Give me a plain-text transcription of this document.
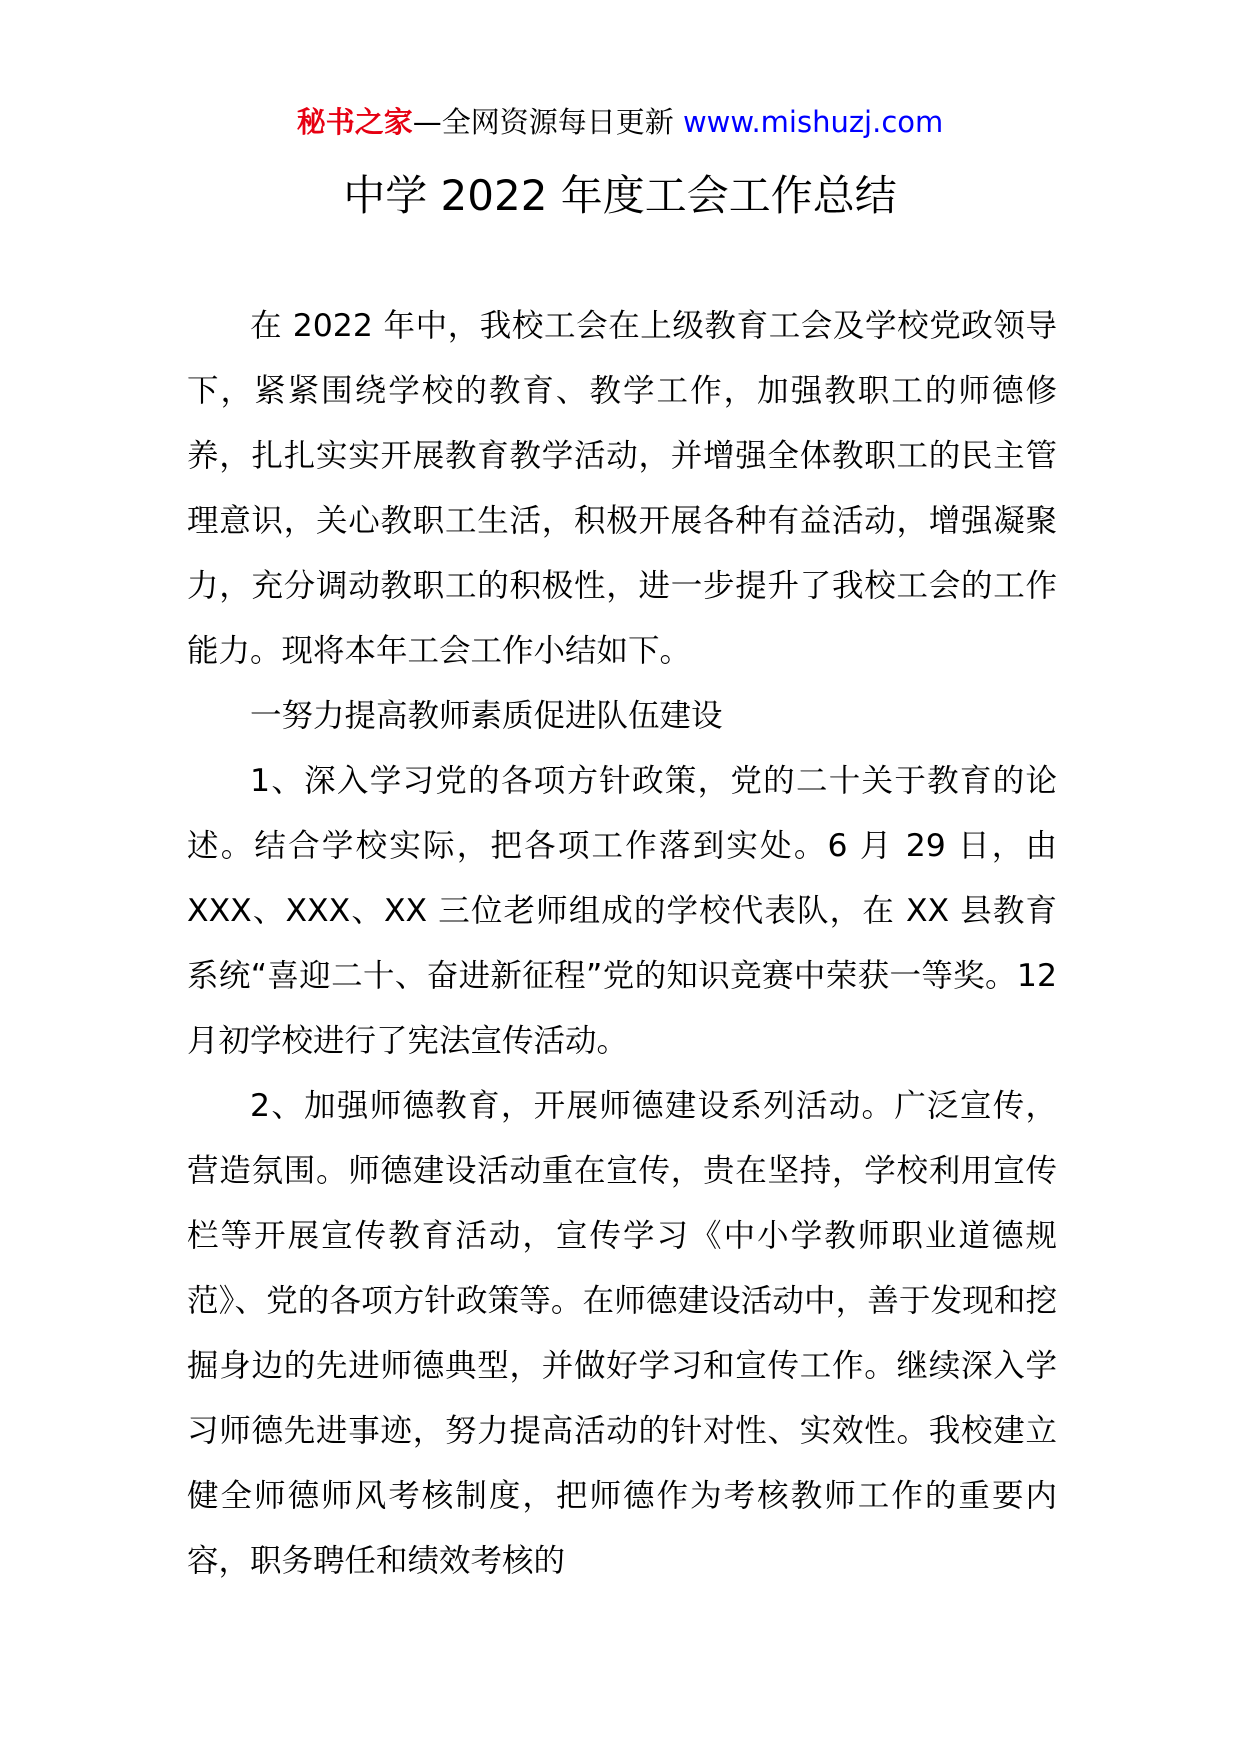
秘书之家—全网资源每日更新 www.mishuzj.com
中学 2022 年度工会工作总结

在 2022 年中，我校工会在上级教育工会及学校党政领导下，紧紧围绕学校的教育、教学工作，加强教职工的师德修养，扎扎实实开展教育教学活动，并增强全体教职工的民主管理意识，关心教职工生活，积极开展各种有益活动，增强凝聚力，充分调动教职工的积极性，进一步提升了我校工会的工作能力。现将本年工会工作小结如下。

一努力提高教师素质促进队伍建设

1、深入学习党的各项方针政策，党的二十关于教育的论述。结合学校实际，把各项工作落到实处。6 月 29 日，由 XXX、XXX、XX 三位老师组成的学校代表队，在 XX 县教育系统“喜迎二十、奋进新征程”党的知识竞赛中荣获一等奖。12 月初学校进行了宪法宣传活动。

2、加强师德教育，开展师德建设系列活动。广泛宣传，营造氛围。师德建设活动重在宣传，贵在坚持，学校利用宣传栏等开展宣传教育活动，宣传学习《中小学教师职业道德规范》、党的各项方针政策等。在师德建设活动中，善于发现和挖掘身边的先进师德典型，并做好学习和宣传工作。继续深入学习师德先进事迹，努力提高活动的针对性、实效性。我校建立健全师德师风考核制度，把师德作为考核教师工作的重要内容，职务聘任和绩效考核的
